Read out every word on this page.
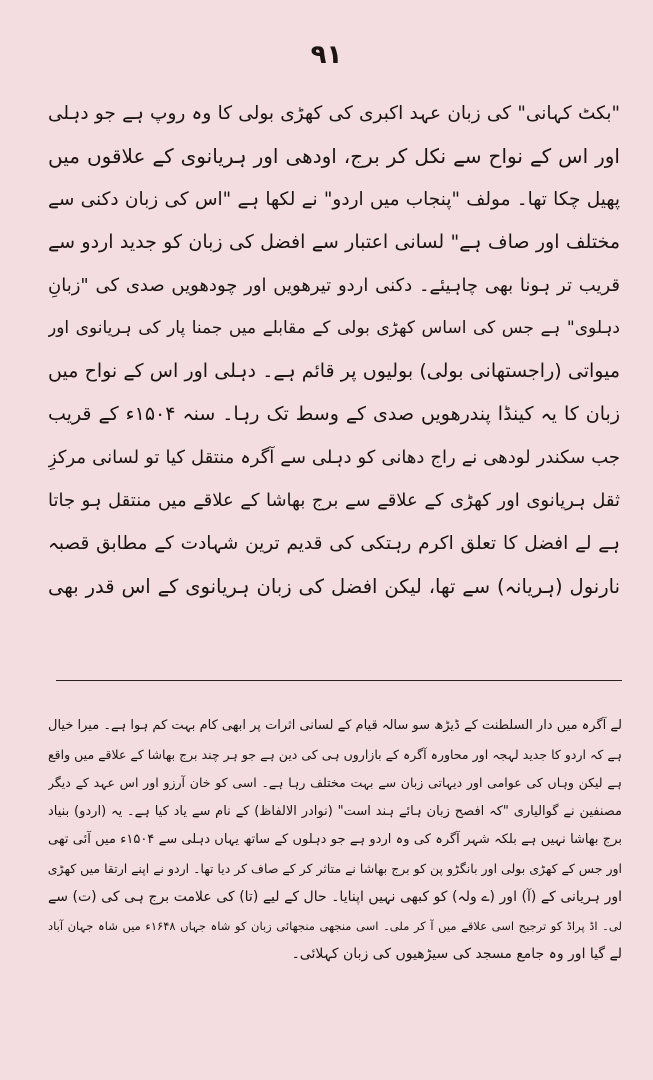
۹۱
"بکٹ کہانی" کی زبان عہد اکبری کی کھڑی بولی کا وہ روپ ہے جو دہلی
اور اس کے نواح سے نکل کر برج، اودھی اور ہریانوی کے علاقوں میں
پھیل چکا تھا۔ مولف "پنجاب میں اردو" نے لکھا ہے "اس کی زبان دکنی سے
مختلف اور صاف ہے" لسانی اعتبار سے افضل کی زبان کو جدید اردو سے
قریب تر ہونا بھی چاہیئے۔ دکنی اردو تیرھویں اور چودھویں صدی کی "زبانِ
دہلوی" ہے جس کی اساس کھڑی بولی کے مقابلے میں جمنا پار کی ہریانوی اور
میواتی (راجستھانی بولی) بولیوں پر قائم ہے۔ دہلی اور اس کے نواح میں
زبان کا یہ کینڈا پندرھویں صدی کے وسط تک رہا۔ سنہ ۱۵۰۴ء کے قریب
جب سکندر لودھی نے راج دھانی کو دہلی سے آگرہ منتقل کیا تو لسانی مرکزِ
ثقل ہریانوی اور کھڑی کے علاقے سے برج بھاشا کے علاقے میں منتقل ہو جاتا
ہے لے افضل کا تعلق اکرم رہتکی کی قدیم ترین شہادت کے مطابق قصبہ
نارنول (ہریانہ) سے تھا، لیکن افضل کی زبان ہریانوی کے اس قدر بھی
لے آگرہ میں دار السلطنت کے ڈیڑھ سو سالہ قیام کے لسانی اثرات پر ابھی کام بہت کم ہوا ہے۔ میرا خیال
ہے کہ اردو کا جدید لہجہ اور محاورہ آگرہ کے بازاروں ہی کی دین ہے جو ہر چند برج بھاشا کے علاقے میں واقع
ہے لیکن وہاں کی عوامی اور دیہاتی زبان سے بہت مختلف رہا ہے۔ اسی کو خان آرزو اور اس عہد کے دیگر
مصنفین نے گوالیاری "کہ افصح زبان ہائے ہند است" (نوادر الالفاظ) کے نام سے یاد کیا ہے۔ یہ (اردو) بنیاد
برج بھاشا نہیں ہے بلکہ شہر آگرہ کی وہ اردو ہے جو دہلوں کے ساتھ یہاں دہلی سے ۱۵۰۴ء میں آئی تھی
اور جس کے کھڑی بولی اور بانگڑو پن کو برج بھاشا نے متاثر کر کے صاف کر دیا تھا۔ اردو نے اپنے ارتقا میں کھڑی
اور ہریانی کے (آ) اور (ے ولہ) کو کبھی نہیں اپنایا۔ حال کے لیے (تا) کی علامت برج ہی کی (ت) سے
لی۔ اڈ پراڈ کو ترجیح اسی علاقے میں آ کر ملی۔ اسی منجھی منجھائی زبان کو شاہ جہاں ۱۶۴۸ء میں شاہ جہان آباد
لے گیا اور وہ جامع مسجد کی سیڑھیوں کی زبان کہلائی۔
